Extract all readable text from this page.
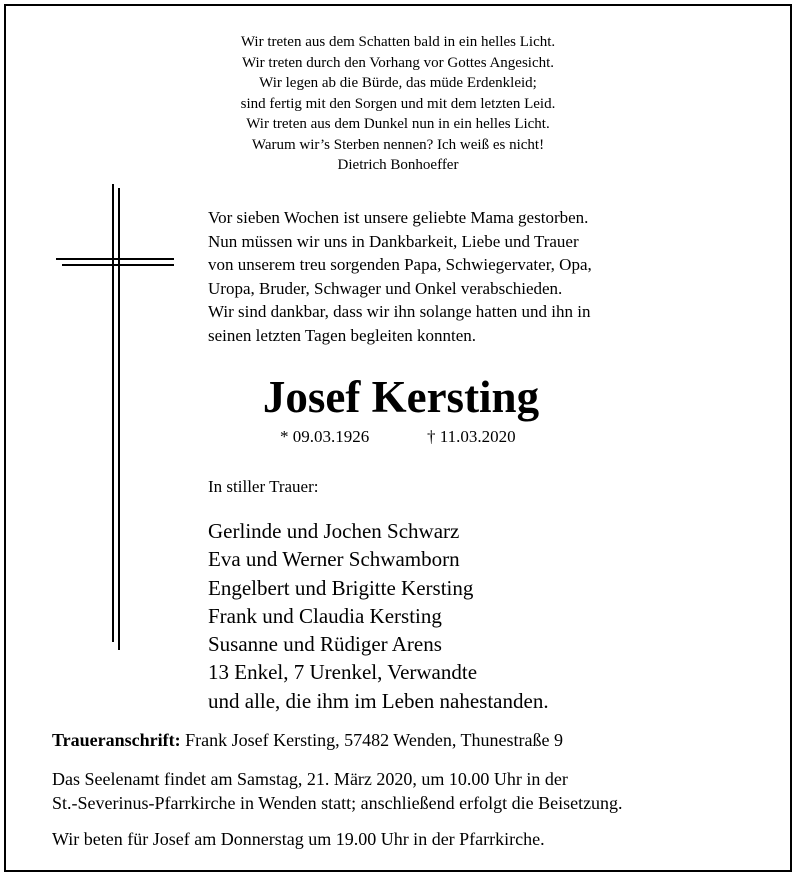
Wir treten aus dem Schatten bald in ein helles Licht.
Wir treten durch den Vorhang vor Gottes Angesicht.
Wir legen ab die Bürde, das müde Erdenkleid;
sind fertig mit den Sorgen und mit dem letzten Leid.
Wir treten aus dem Dunkel nun in ein helles Licht.
Warum wir’s Sterben nennen? Ich weiß es nicht!
Dietrich Bonhoeffer
Vor sieben Wochen ist unsere geliebte Mama gestorben.
Nun müssen wir uns in Dankbarkeit, Liebe und Trauer
von unserem treu sorgenden Papa, Schwiegervater, Opa,
Uropa, Bruder, Schwager und Onkel verabschieden.
Wir sind dankbar, dass wir ihn solange hatten und ihn in
seinen letzten Tagen begleiten konnten.
Josef Kersting
* 09.03.1926	† 11.03.2020
In stiller Trauer:
Gerlinde und Jochen Schwarz
Eva und Werner Schwamborn
Engelbert und Brigitte Kersting
Frank und Claudia Kersting
Susanne und Rüdiger Arens
13 Enkel, 7 Urenkel, Verwandte
und alle, die ihm im Leben nahestanden.
Traueranschrift: Frank Josef Kersting, 57482 Wenden, Thunestraße 9
Das Seelenamt findet am Samstag, 21. März 2020, um 10.00 Uhr in der
St.-Severinus-Pfarrkirche in Wenden statt; anschließend erfolgt die Beisetzung.
Wir beten für Josef am Donnerstag um 19.00 Uhr in der Pfarrkirche.
